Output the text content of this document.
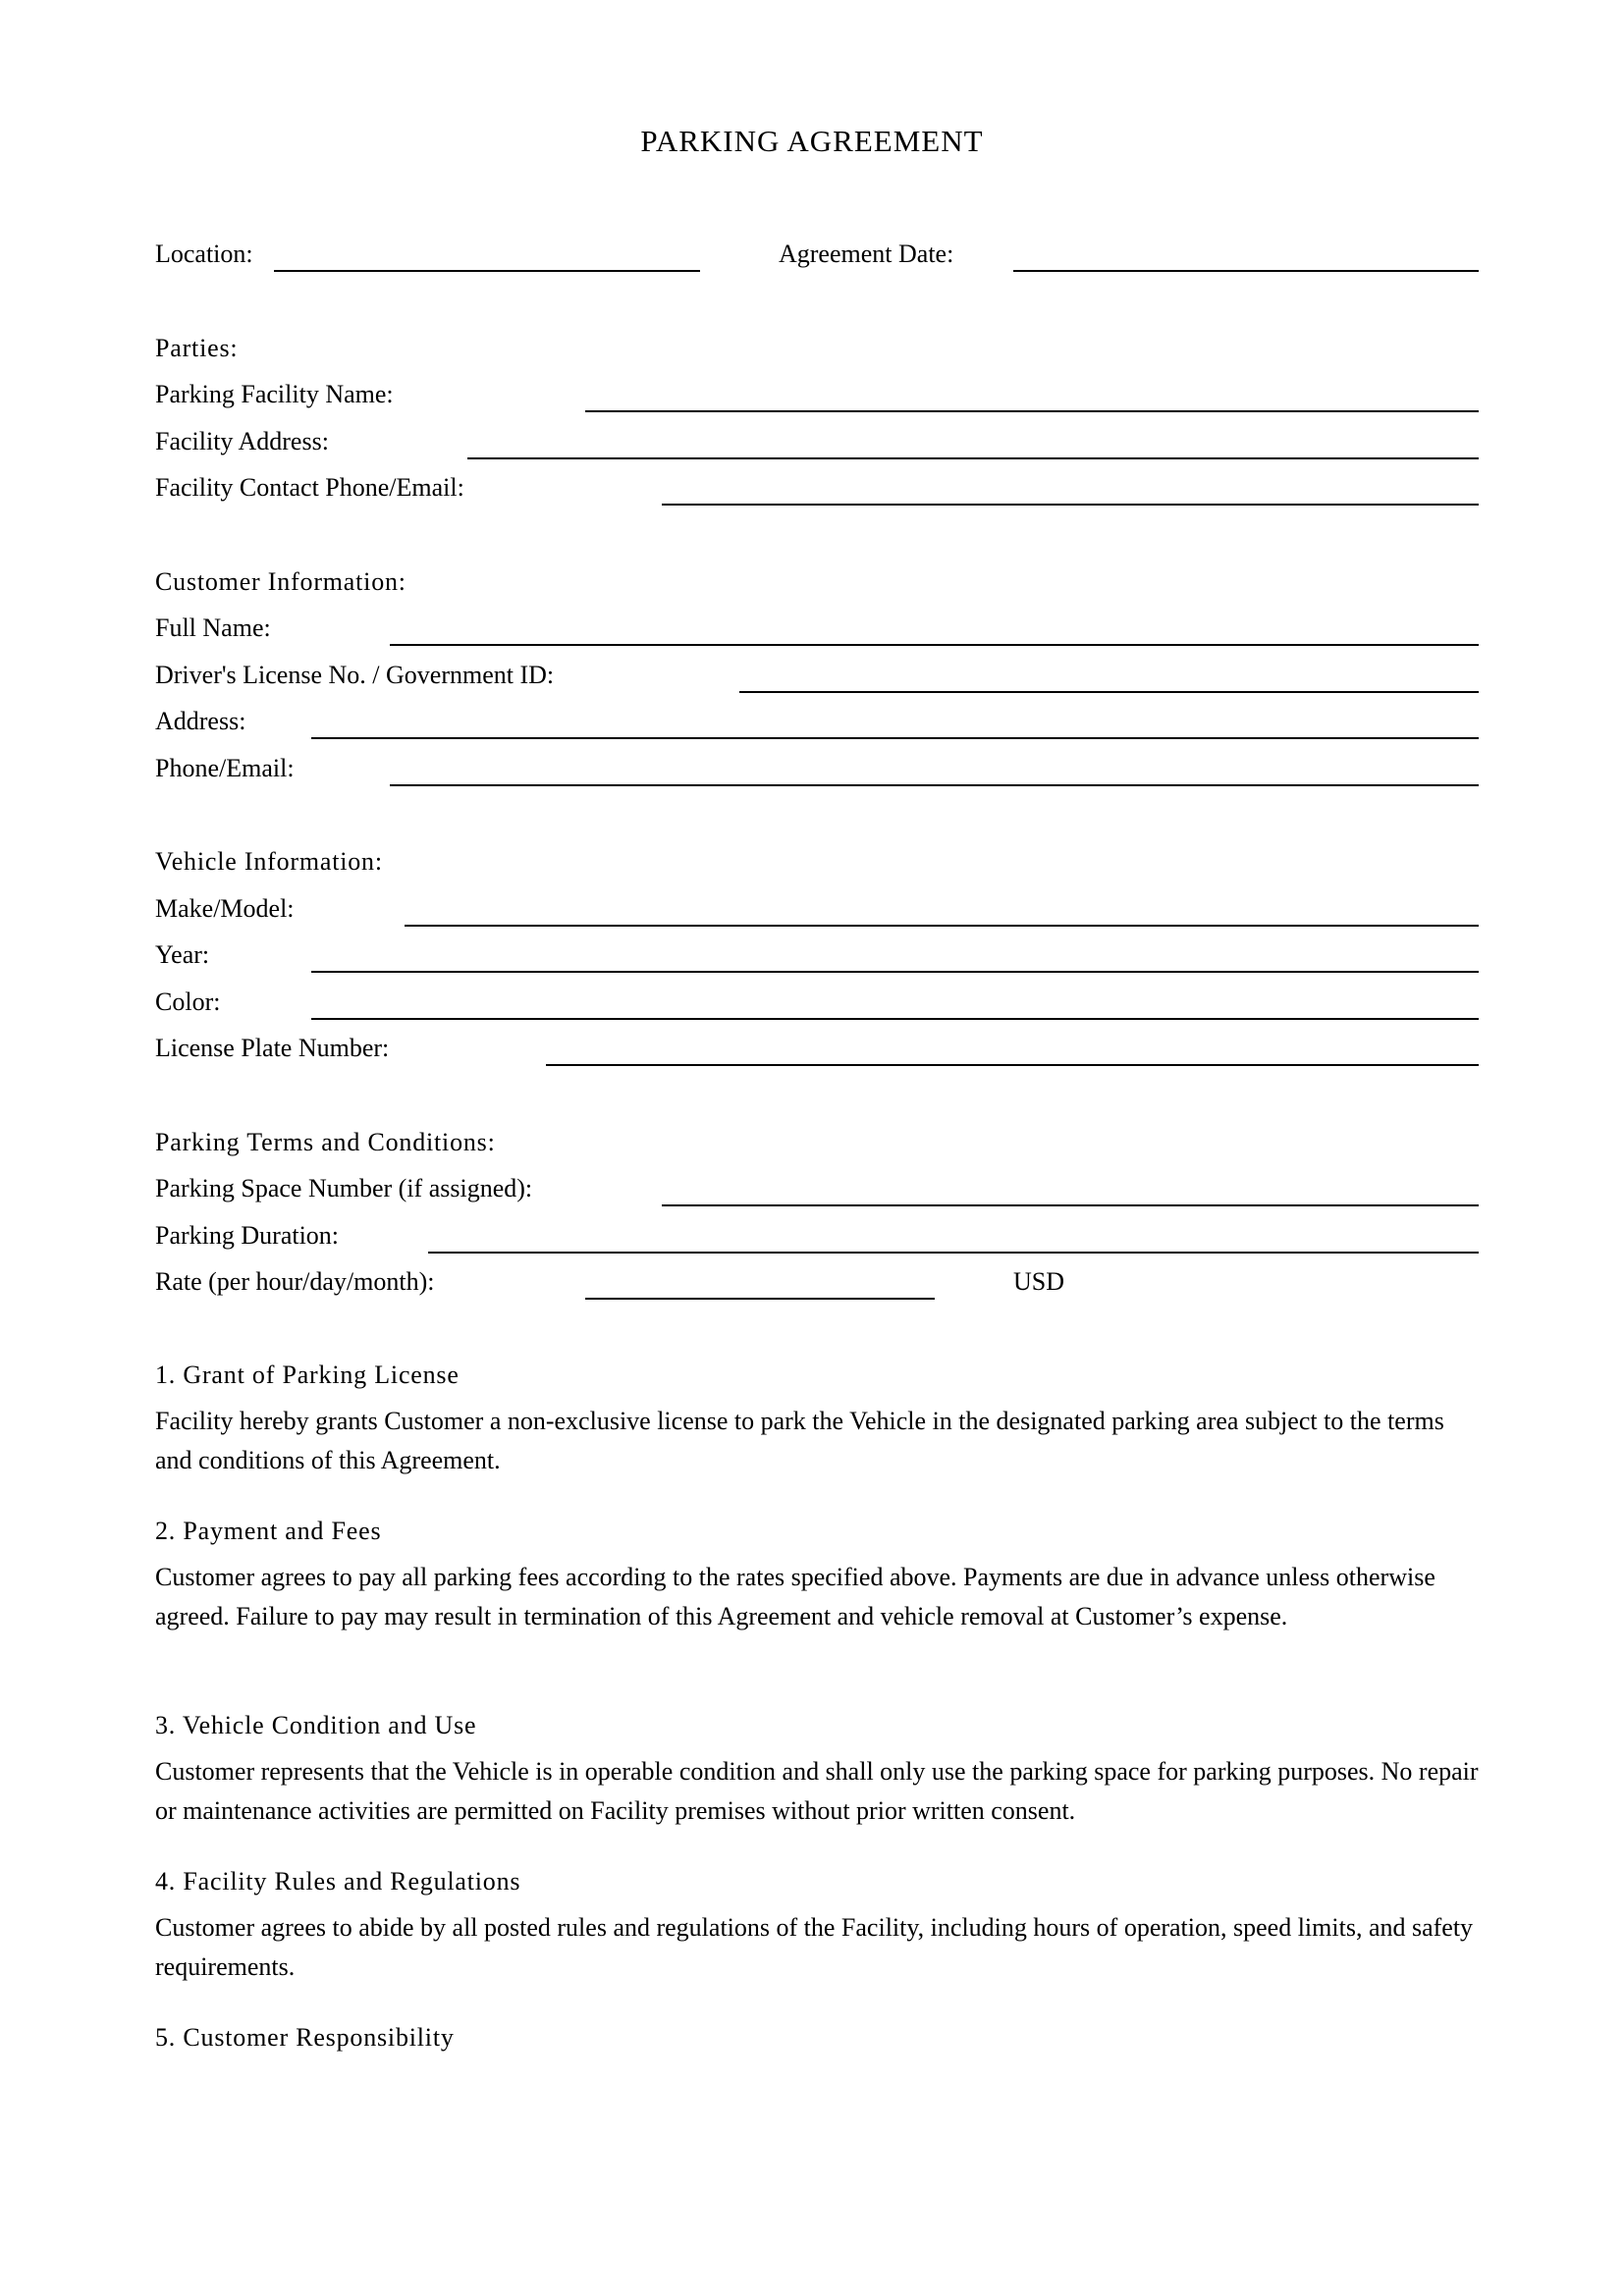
PARKING AGREEMENT
Location:	Agreement Date:
Parties:
Parking Facility Name:
Facility Address:
Facility Contact Phone/Email:
Customer Information:
Full Name:
Driver's License No. / Government ID:
Address:
Phone/Email:
Vehicle Information:
Make/Model:
Year:
Color:
License Plate Number:
Parking Terms and Conditions:
Parking Space Number (if assigned):
Parking Duration:
Rate (per hour/day/month):	USD
1. Grant of Parking License
Facility hereby grants Customer a non-exclusive license to park the Vehicle in the designated parking area subject to the terms and conditions of this Agreement.
2. Payment and Fees
Customer agrees to pay all parking fees according to the rates specified above. Payments are due in advance unless otherwise agreed. Failure to pay may result in termination of this Agreement and vehicle removal at Customer’s expense.
3. Vehicle Condition and Use
Customer represents that the Vehicle is in operable condition and shall only use the parking space for parking purposes. No repair or maintenance activities are permitted on Facility premises without prior written consent.
4. Facility Rules and Regulations
Customer agrees to abide by all posted rules and regulations of the Facility, including hours of operation, speed limits, and safety requirements.
5. Customer Responsibility
